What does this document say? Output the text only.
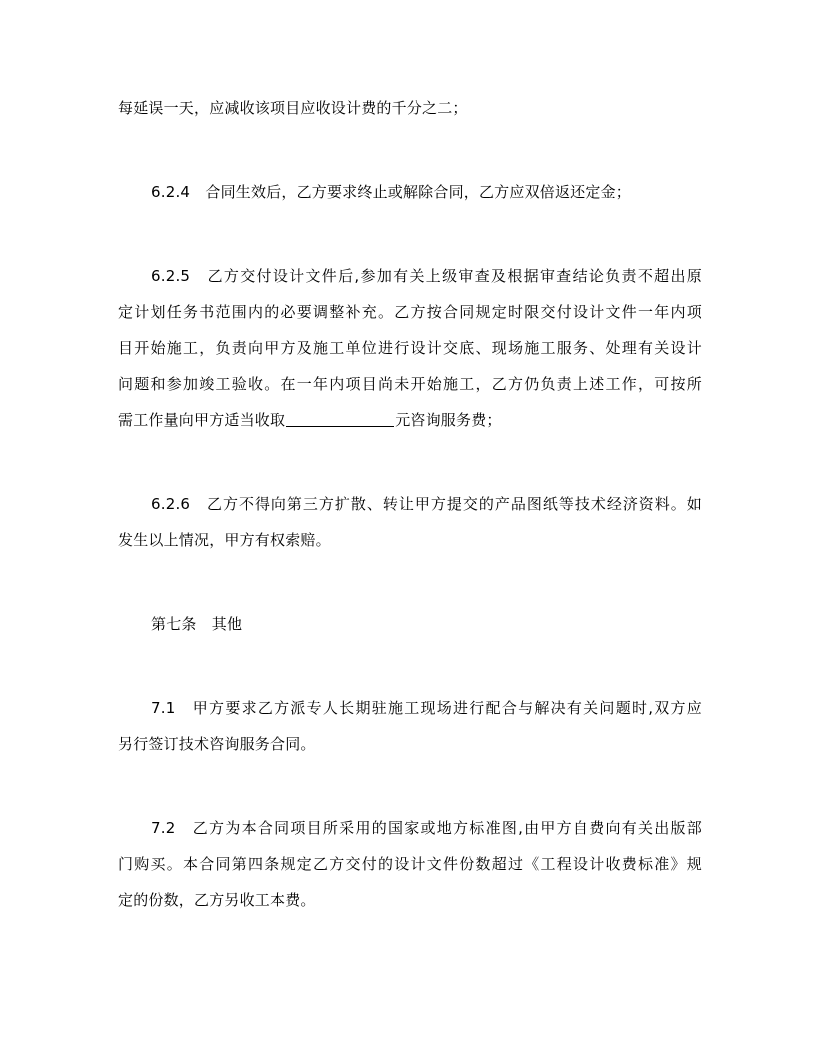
每延误一天，应减收该项目应收设计费的千分之二；
6.2.4　合同生效后，乙方要求终止或解除合同，乙方应双倍返还定金；
6.2.5　乙方交付设计文件后,参加有关上级审查及根据审查结论负责不超出原
定计划任务书范围内的必要调整补充。乙方按合同规定时限交付设计文件一年内项
目开始施工，负责向甲方及施工单位进行设计交底、现场施工服务、处理有关设计
问题和参加竣工验收。在一年内项目尚未开始施工，乙方仍负责上述工作，可按所
需工作量向甲方适当收取	元咨询服务费；
6.2.6　乙方不得向第三方扩散、转让甲方提交的产品图纸等技术经济资料。如
发生以上情况，甲方有权索赔。
第七条　其他
7.1　甲方要求乙方派专人长期驻施工现场进行配合与解决有关问题时,双方应
另行签订技术咨询服务合同。
7.2　乙方为本合同项目所采用的国家或地方标准图,由甲方自费向有关出版部
门购买。本合同第四条规定乙方交付的设计文件份数超过《工程设计收费标准》规
定的份数，乙方另收工本费。
